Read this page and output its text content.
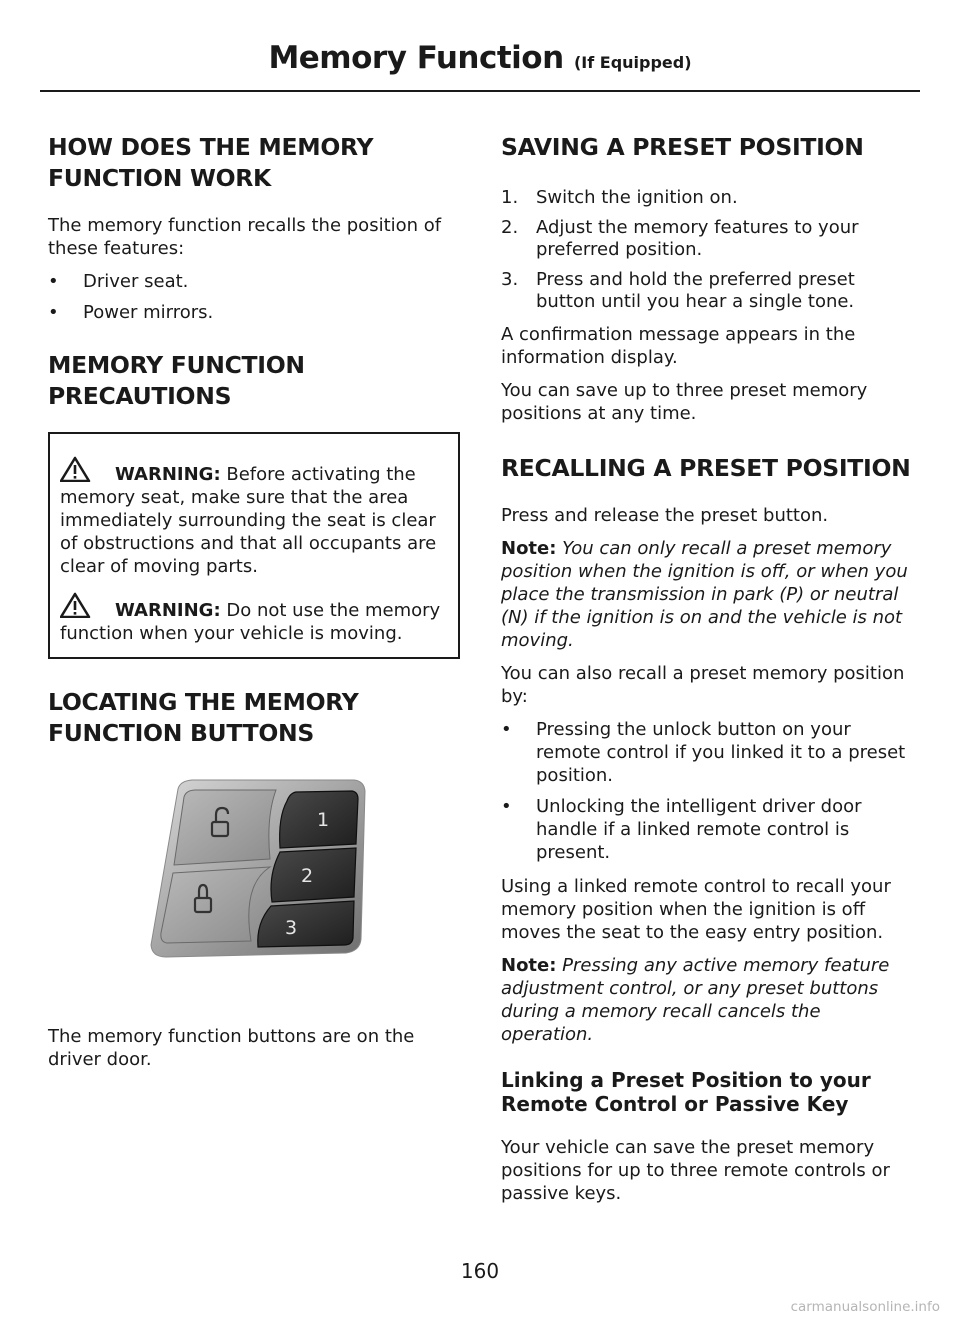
Memory Function (If Equipped)
HOW DOES THE MEMORY FUNCTION WORK

The memory function recalls the position of these features:

• Driver seat.
• Power mirrors.
MEMORY FUNCTION PRECAUTIONS
WARNING: Before activating the memory seat, make sure that the area immediately surrounding the seat is clear of obstructions and that all occupants are clear of moving parts.
WARNING: Do not use the memory function when your vehicle is moving.
LOCATING THE MEMORY FUNCTION BUTTONS
1
2
3

The memory function buttons are on the driver door.

SAVING A PRESET POSITION
1. Switch the ignition on.
2. Adjust the memory features to your preferred position.
3. Press and hold the preferred preset button until you hear a single tone.

A confirmation message appears in the information display.

You can save up to three preset memory positions at any time.

RECALLING A PRESET POSITION

Press and release the preset button.

Note: You can only recall a preset memory position when the ignition is off, or when you place the transmission in park (P) or neutral (N) if the ignition is on and the vehicle is not moving.

You can also recall a preset memory position by:

• Pressing the unlock button on your remote control if you linked it to a preset position.
• Unlocking the intelligent driver door handle if a linked remote control is present.

Using a linked remote control to recall your memory position when the ignition is off moves the seat to the easy entry position.

Note: Pressing any active memory feature adjustment control, or any preset buttons during a memory recall cancels the operation.

Linking a Preset Position to your Remote Control or Passive Key

Your vehicle can save the preset memory positions for up to three remote controls or passive keys.

160
carmanualsonline.info
